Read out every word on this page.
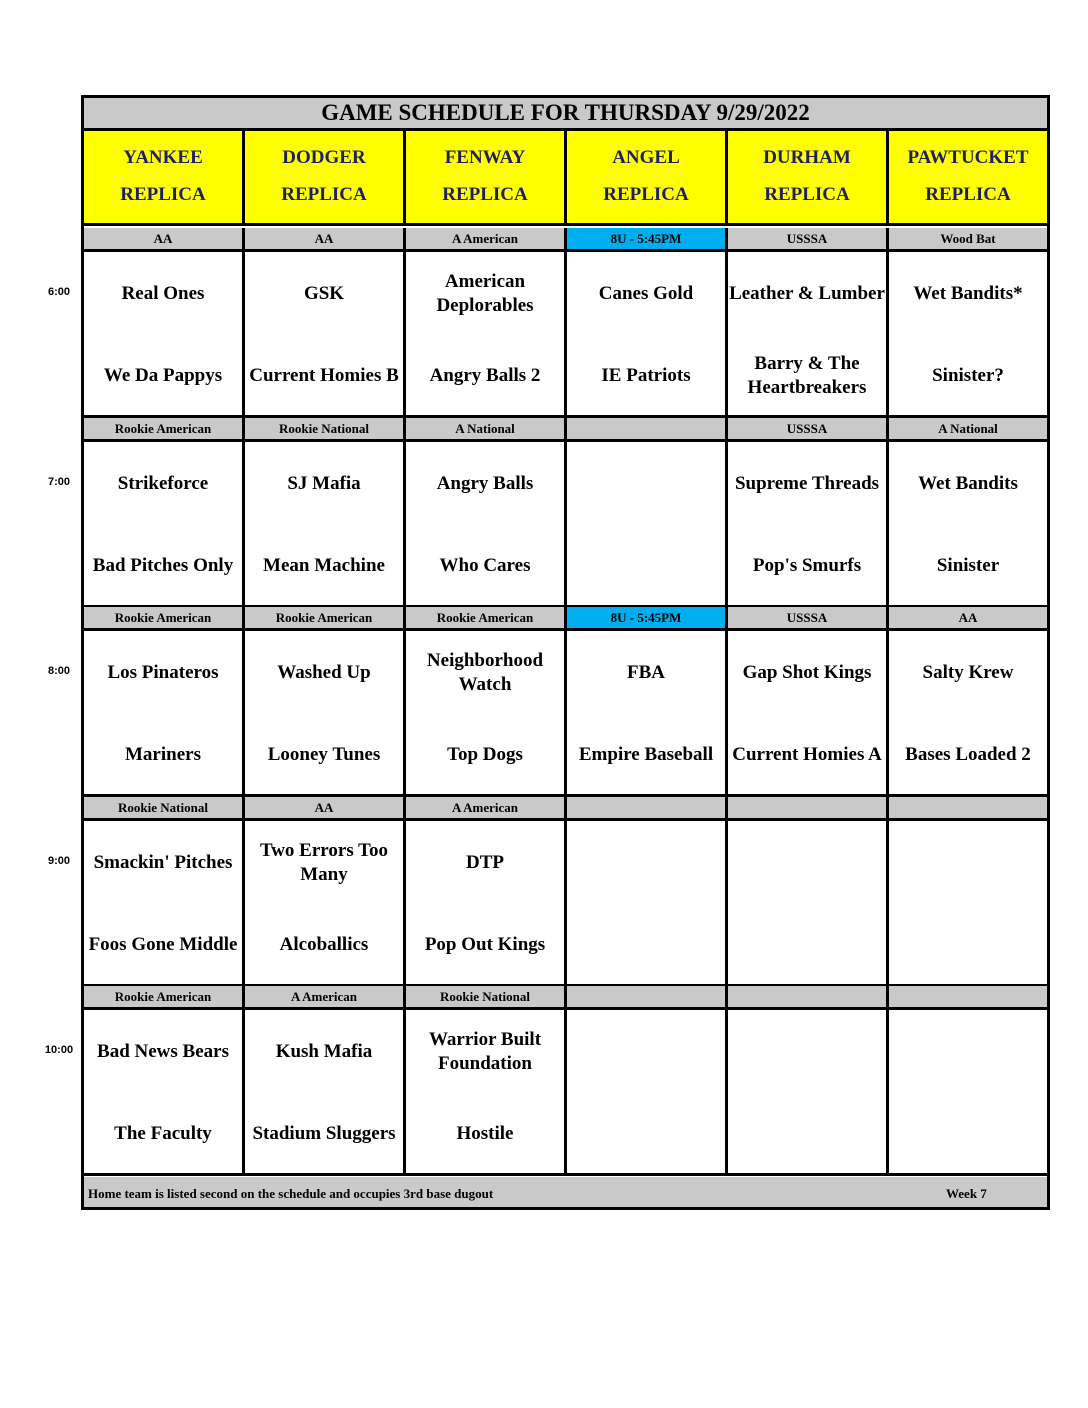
GAME SCHEDULE FOR THURSDAY 9/29/2022
YANKEE
REPLICA
DODGER
REPLICA
FENWAY
REPLICA
ANGEL
REPLICA
DURHAM
REPLICA
PAWTUCKET
REPLICA
AA
Real Ones
We Da Pappys
AA
GSK
Current Homies B
A American
American Deplorables
Angry Balls 2
8U - 5:45PM
Canes Gold
IE Patriots
USSSA
Leather & Lumber
Barry & The Heartbreakers
Wood Bat
Wet Bandits*
Sinister?
Rookie American
Strikeforce
Bad Pitches Only
Rookie National
SJ Mafia
Mean Machine
A National
Angry Balls
Who Cares
USSSA
Supreme Threads
Pop's Smurfs
A National
Wet Bandits
Sinister
Rookie American
Los Pinateros
Mariners
Rookie American
Washed Up
Looney Tunes
Rookie American
Neighborhood Watch
Top Dogs
8U - 5:45PM
FBA
Empire Baseball
USSSA
Gap Shot Kings
Current Homies A
AA
Salty Krew
Bases Loaded 2
Rookie National
Smackin' Pitches
Foos Gone Middle
AA
Two Errors Too Many
Alcoballics
A American
DTP
Pop Out Kings
Rookie American
Bad News Bears
The Faculty
A American
Kush Mafia
Stadium Sluggers
Rookie National
Warrior Built Foundation
Hostile
Home team is listed second on the schedule and occupies 3rd base dugout	Week 7
6:00
7:00
8:00
9:00
10:00
